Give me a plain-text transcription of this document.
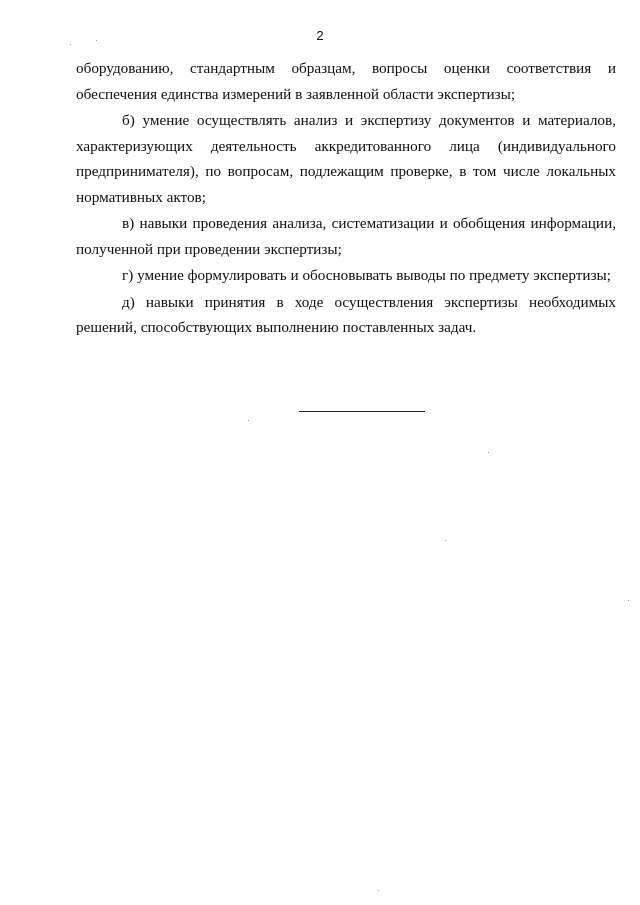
2

оборудованию, стандартным образцам, вопросы оценки соответствия и обеспечения единства измерений в заявленной области экспертизы;

б) умение осуществлять анализ и экспертизу документов и материалов, характеризующих деятельность аккредитованного лица (индивидуального предпринимателя), по вопросам, подлежащим проверке, в том числе локальных нормативных актов;

в) навыки проведения анализа, систематизации и обобщения информации, полученной при проведении экспертизы;

г) умение формулировать и обосновывать выводы по предмету экспертизы;

д) навыки принятия в ходе осуществления экспертизы необходимых решений, способствующих выполнению поставленных задач.
